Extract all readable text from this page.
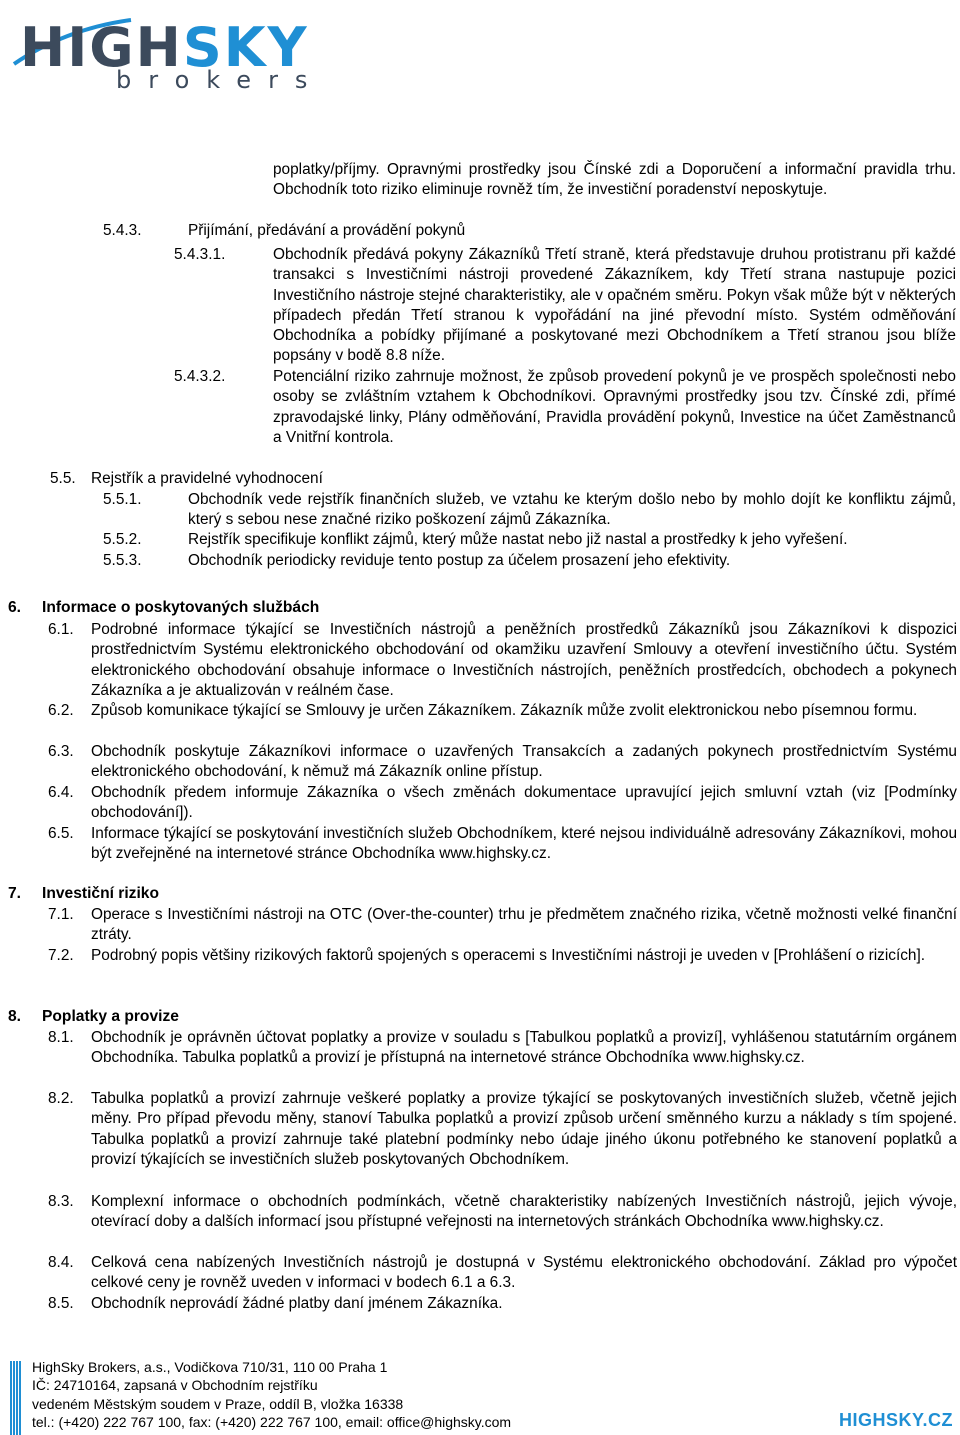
HIGHSKY
brokers
poplatky/příjmy. Opravnými prostředky jsou Čínské zdi a Doporučení a informační pravidla trhu. Obchodník toto riziko eliminuje rovněž tím, že investiční poradenství neposkytuje.
5.4.3.	Přijímání, předávání a provádění pokynů
5.4.3.1.	Obchodník předává pokyny Zákazníků Třetí straně, která představuje druhou protistranu při každé transakci s Investičními nástroji provedené Zákazníkem, kdy Třetí strana nastupuje pozici Investičního nástroje stejné charakteristiky, ale v opačném směru. Pokyn však může být v některých případech předán Třetí stranou k vypořádání na jiné převodní místo. Systém odměňování Obchodníka a pobídky přijímané a poskytované mezi Obchodníkem a Třetí stranou jsou blíže popsány v bodě 8.8 níže.
5.4.3.2.	Potenciální riziko zahrnuje možnost, že způsob provedení pokynů je ve prospěch společnosti nebo osoby se zvláštním vztahem k Obchodníkovi. Opravnými prostředky jsou tzv. Čínské zdi, přímé zpravodajské linky, Plány odměňování, Pravidla provádění pokynů, Investice na účet Zaměstnanců a Vnitřní kontrola.
5.5. Rejstřík a pravidelné vyhodnocení
5.5.1.	Obchodník vede rejstřík finančních služeb, ve vztahu ke kterým došlo nebo by mohlo dojít ke konfliktu zájmů, který s sebou nese značné riziko poškození zájmů Zákazníka.
5.5.2.	Rejstřík specifikuje konflikt zájmů, který může nastat nebo již nastal a prostředky k jeho vyřešení.
5.5.3.	Obchodník periodicky reviduje tento postup za účelem prosazení jeho efektivity.
6. Informace o poskytovaných službách
6.1. Podrobné informace týkající se Investičních nástrojů a peněžních prostředků Zákazníků jsou Zákazníkovi k dispozici prostřednictvím Systému elektronického obchodování od okamžiku uzavření Smlouvy a otevření investičního účtu. Systém elektronického obchodování obsahuje informace o Investičních nástrojích, peněžních prostředcích, obchodech a pokynech Zákazníka a je aktualizován v reálném čase.
6.2. Způsob komunikace týkající se Smlouvy je určen Zákazníkem. Zákazník může zvolit elektronickou nebo písemnou formu.
6.3. Obchodník poskytuje Zákazníkovi informace o uzavřených Transakcích a zadaných pokynech prostřednictvím Systému elektronického obchodování, k němuž má Zákazník online přístup.
6.4. Obchodník předem informuje Zákazníka o všech změnách dokumentace upravující jejich smluvní vztah (viz [Podmínky obchodování]).
6.5. Informace týkající se poskytování investičních služeb Obchodníkem, které nejsou individuálně adresovány Zákazníkovi, mohou být zveřejněné na internetové stránce Obchodníka www.highsky.cz.
7. Investiční riziko
7.1. Operace s Investičními nástroji na OTC (Over-the-counter) trhu je předmětem značného rizika, včetně možnosti velké finanční ztráty.
7.2. Podrobný popis většiny rizikových faktorů spojených s operacemi s Investičními nástroji je uveden v [Prohlášení o rizicích].
8. Poplatky a provize
8.1. Obchodník je oprávněn účtovat poplatky a provize v souladu s [Tabulkou poplatků a provizí], vyhlášenou statutárním orgánem Obchodníka. Tabulka poplatků a provizí je přístupná na internetové stránce Obchodníka www.highsky.cz.
8.2. Tabulka poplatků a provizí zahrnuje veškeré poplatky a provize týkající se poskytovaných investičních služeb, včetně jejich měny. Pro případ převodu měny, stanoví Tabulka poplatků a provizí způsob určení směnného kurzu a náklady s tím spojené. Tabulka poplatků a provizí zahrnuje také platební podmínky nebo údaje jiného úkonu potřebného ke stanovení poplatků a provizí týkajících se investičních služeb poskytovaných Obchodníkem.
8.3. Komplexní informace o obchodních podmínkách, včetně charakteristiky nabízených Investičních nástrojů, jejich vývoje, otevírací doby a dalších informací jsou přístupné veřejnosti na internetových stránkách Obchodníka www.highsky.cz.
8.4. Celková cena nabízených Investičních nástrojů je dostupná v Systému elektronického obchodování. Základ pro výpočet celkové ceny je rovněž uveden v informaci v bodech 6.1 a 6.3.
8.5. Obchodník neprovádí žádné platby daní jménem Zákazníka.
HighSky Brokers, a.s., Vodičkova 710/31, 110 00 Praha 1
IČ: 24710164, zapsaná v Obchodním rejstříku
vedeném Městským soudem v Praze, oddíl B, vložka 16338
tel.: (+420) 222 767 100, fax: (+420) 222 767 100, email: office@highsky.com	HIGHSKY.CZ
